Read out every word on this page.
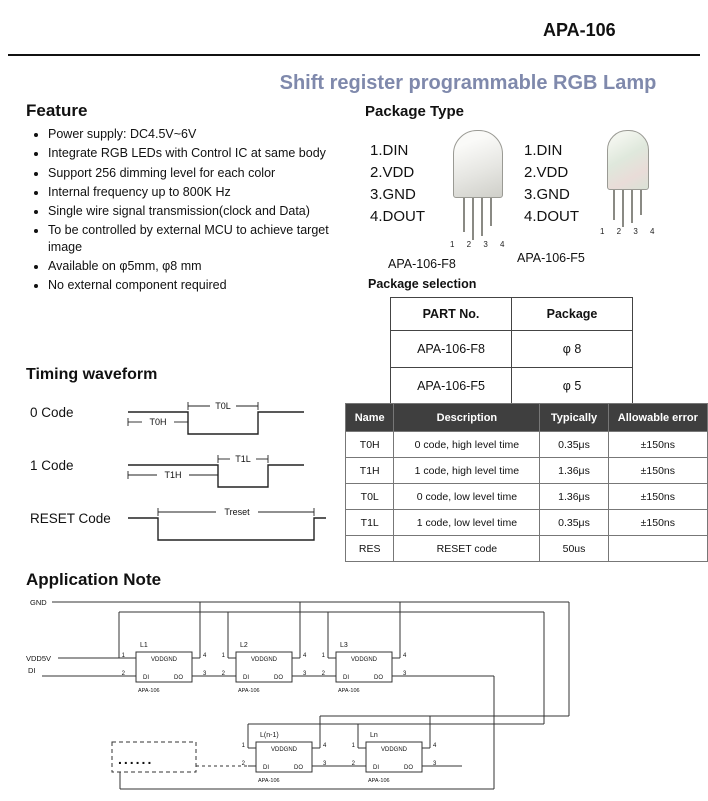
APA-106
Shift register programmable RGB Lamp
Feature
• Power supply: DC4.5V~6V
• Integrate RGB LEDs with Control IC at same body
• Support 256 dimming level for each color
• Internal frequency up to 800K Hz
• Single wire signal transmission(clock and Data)
• To be controlled by external MCU to achieve target image
• Available on φ5mm, φ8 mm
• No external component required
Timing waveform
0 Code
T0H
T0L
1 Code
T1H
T1L
RESET Code	Treset
Package Type
1.DIN
2.VDD
3.GND
4.DOUT
1 2 3 4
1.DIN
2.VDD
3.GND
4.DOUT
1 2 3 4
APA-106-F8	APA-106-F5
Package selection
PART No.	Package
APA-106-F8	φ 8
APA-106-F5	φ 5
Name	Description	Typically	Allowable error
T0H	0 code, high level time	0.35μs	±150ns
T1H	1 code, high level time	1.36μs	±150ns
T0L	0 code, low level time	1.36μs	±150ns
T1L	1 code, low level time	0.35μs	±150ns
RES	RESET code	50us	
Application Note
GND
VDD5V
DI
......
VDDGND
DI	DO
APA-106
L1
1
2
4
3
VDDGND
DI	DO
APA-106
L2
1
2
4
3
VDDGND
DI	DO
APA-106
L3
1
2
4
3
VDDGND
DI	DO
APA-106
L(n-1)
1
2
4
3
VDDGND
DI	DO
APA-106
Ln
1
2
4
3
